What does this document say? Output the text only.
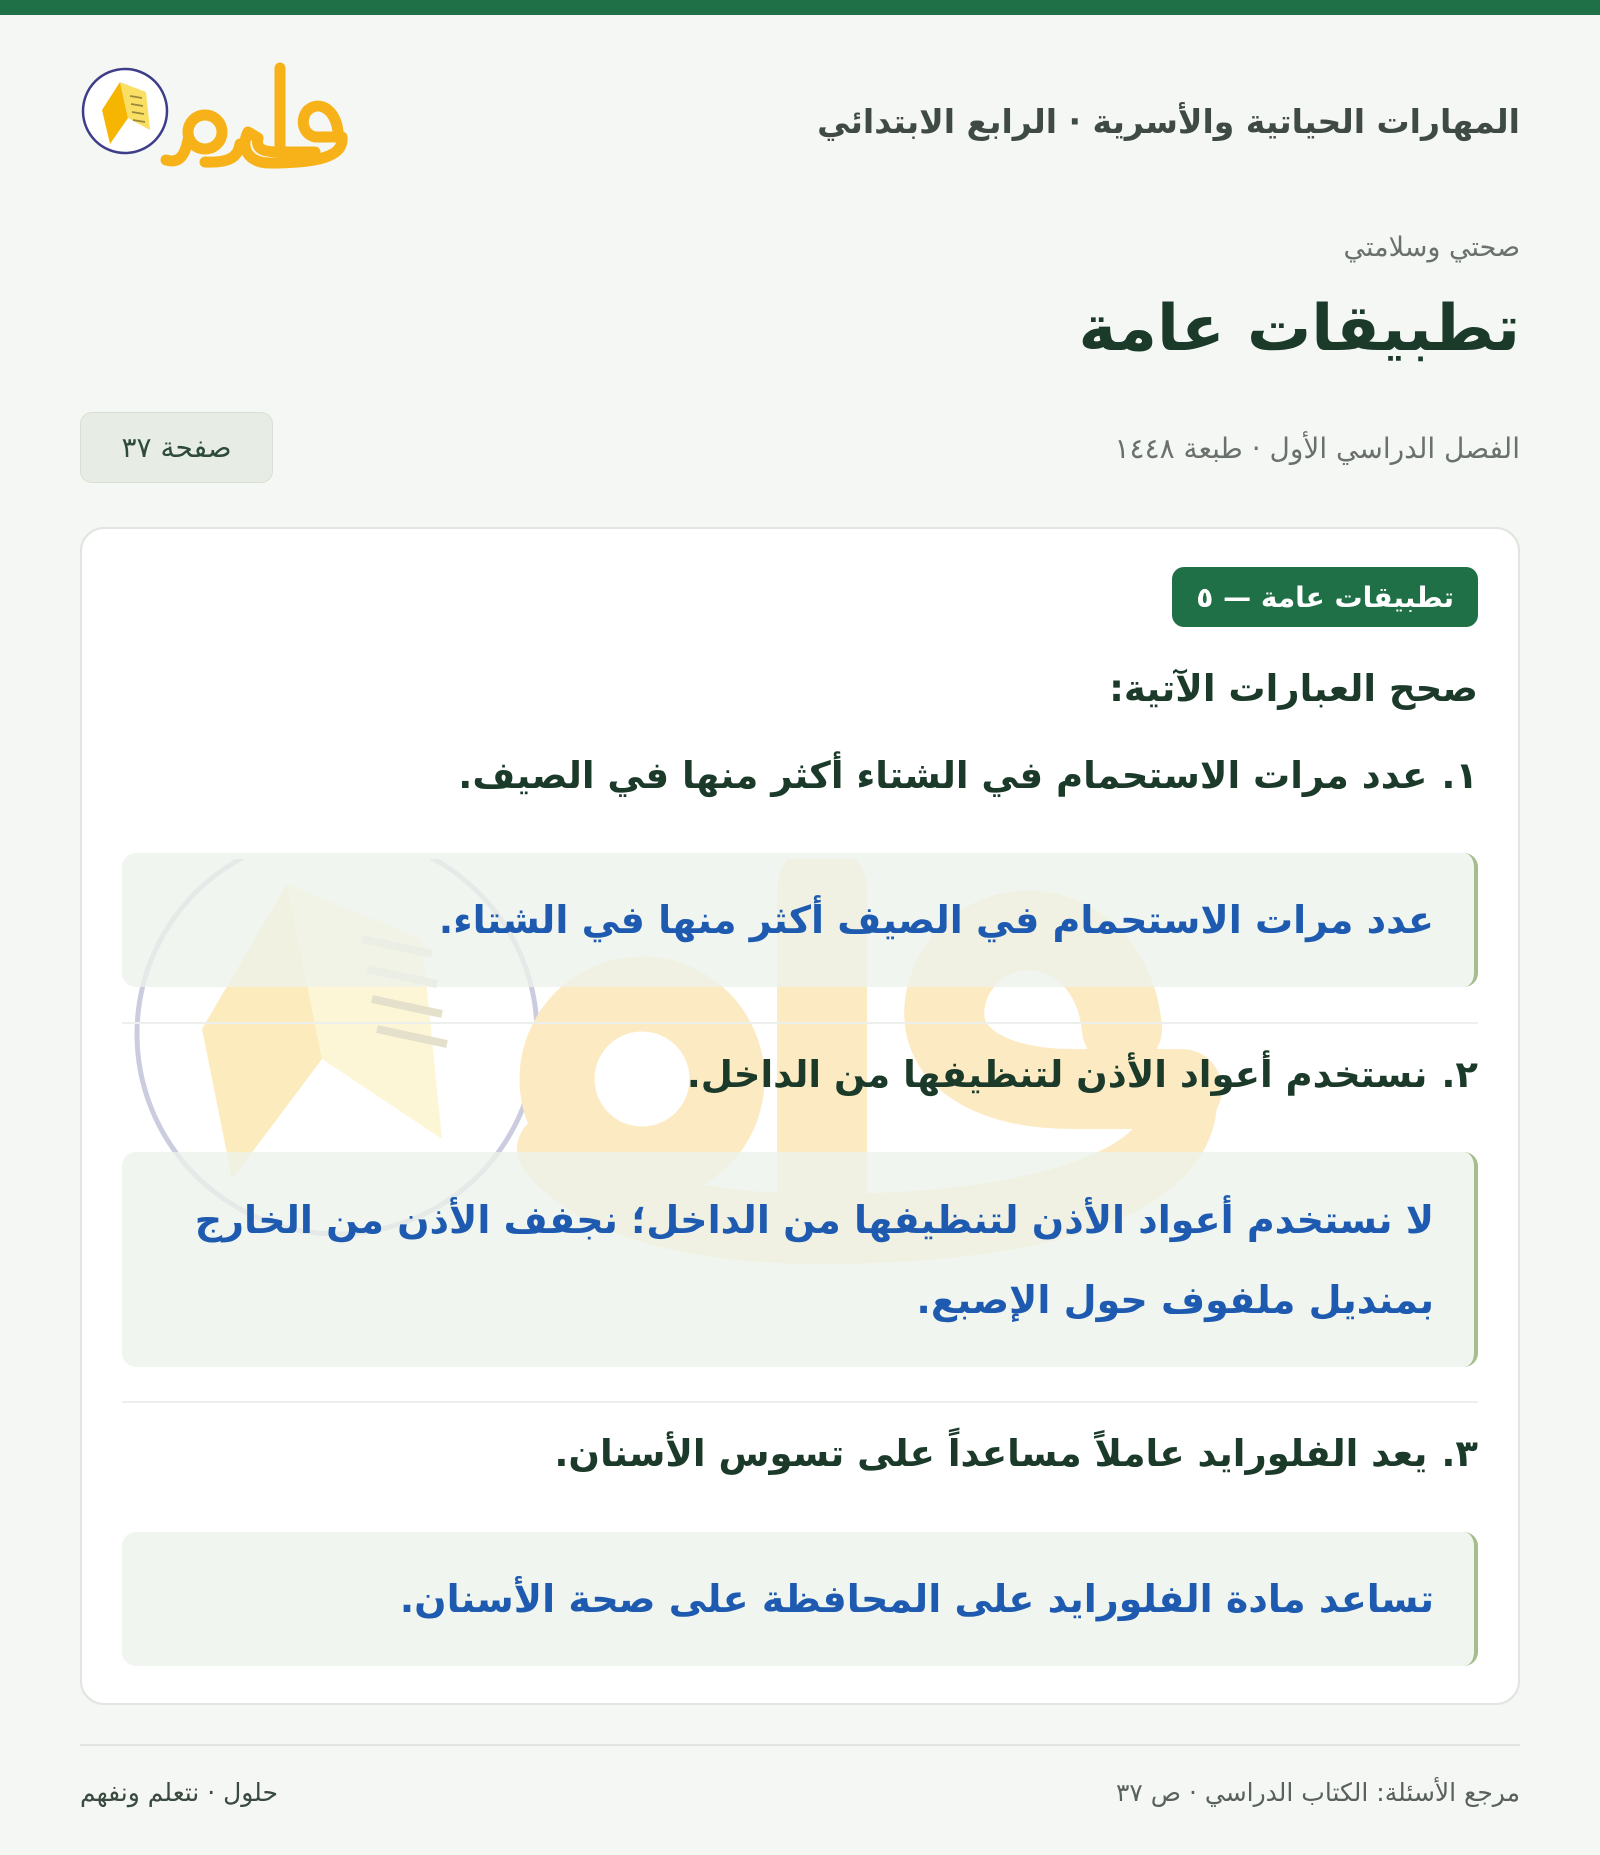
المهارات الحياتية والأسرية · الرابع الابتدائي
صحتي وسلامتي
تطبيقات عامة
الفصل الدراسي الأول · طبعة ١٤٤٨
صفحة ٣٧
تطبيقات عامة — ٥
صحح العبارات الآتية:
١.
عدد مرات الاستحمام في الشتاء أكثر منها في الصيف.
عدد مرات الاستحمام في الصيف أكثر منها في الشتاء.
٢.
نستخدم أعواد الأذن لتنظيفها من الداخل.
لا نستخدم أعواد الأذن لتنظيفها من الداخل؛ نجفف الأذن من الخارج بمنديل ملفوف حول الإصبع.
٣.
يعد الفلورايد عاملاً مساعداً على تسوس الأسنان.
تساعد مادة الفلورايد على المحافظة على صحة الأسنان.
مرجع الأسئلة: الكتاب الدراسي · ص ٣٧
حلول · نتعلم ونفهم
